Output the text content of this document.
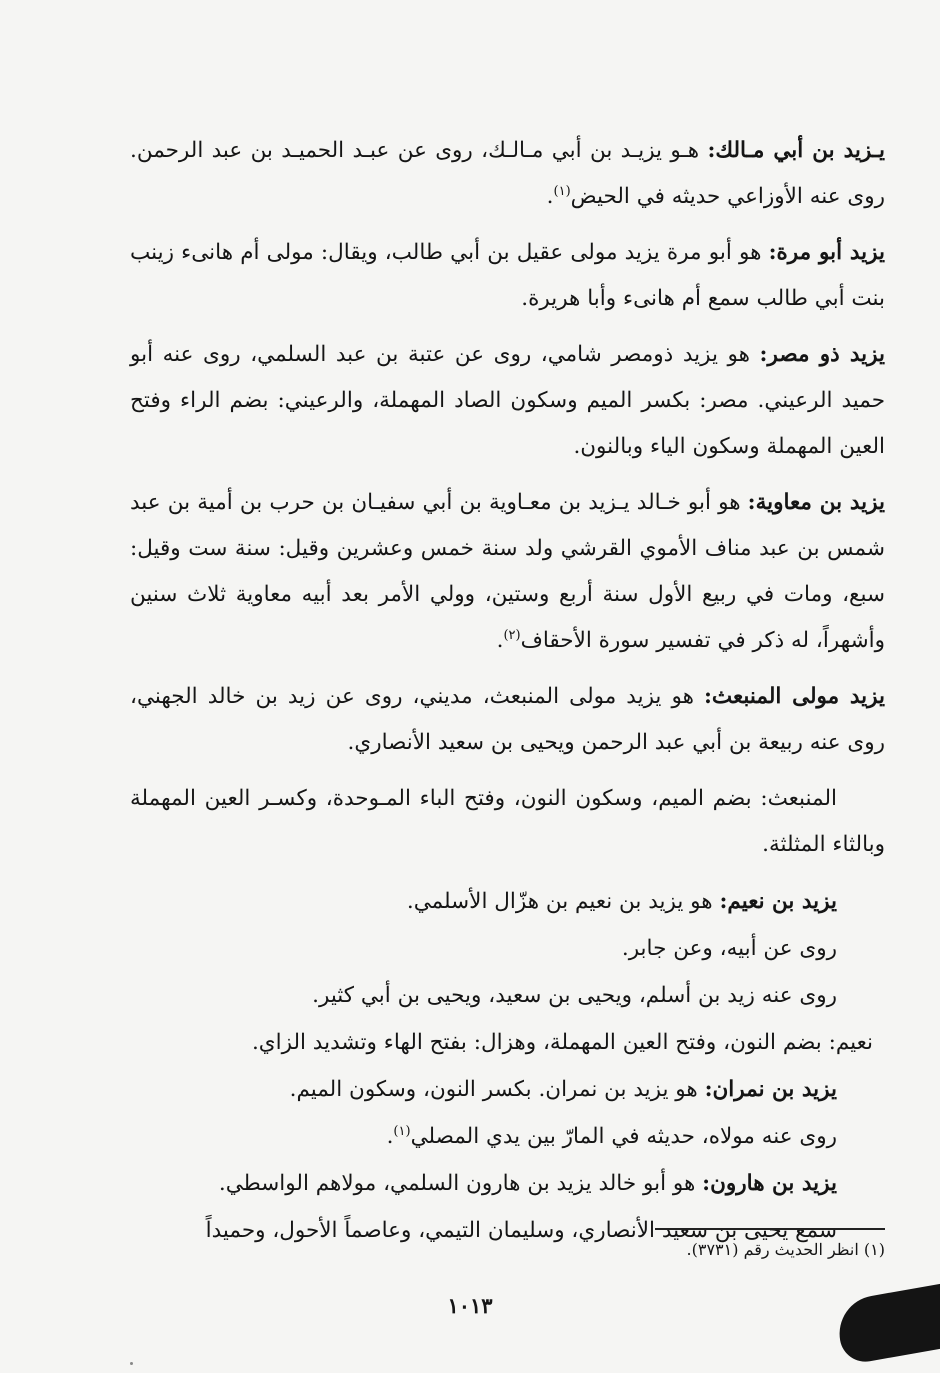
يـزيد بن أبي مـالك: هـو يزيـد بن أبي مـالـك، روى عن عبـد الحميـد بن عبد الرحمن. روى عنه الأوزاعي حديثه في الحيض$^{(١)}$.

يزيد أبو مرة: هو أبو مرة يزيد مولى عقيل بن أبي طالب، ويقال: مولى أم هانىء زينب بنت أبي طالب سمع أم هانىء وأبا هريرة.

يزيد ذو مصر: هو يزيد ذومصر شامي، روى عن عتبة بن عبد السلمي، روى عنه أبو حميد الرعيني. مصر: بكسر الميم وسكون الصاد المهملة، والرعيني: بضم الراء وفتح العين المهملة وسكون الياء وبالنون.

يزيد بن معاوية: هو أبو خـالد يـزيد بن معـاوية بن أبي سفيـان بن حرب بن أمية بن عبد شمس بن عبد مناف الأموي القرشي ولد سنة خمس وعشرين وقيل: سنة ست وقيل: سبع، ومات في ربيع الأول سنة أربع وستين، وولي الأمر بعد أبيه معاوية ثلاث سنين وأشهراً، له ذكر في تفسير سورة الأحقاف$^{(٢)}$.

يزيد مولى المنبعث: هو يزيد مولى المنبعث، مديني، روى عن زيد بن خالد الجهني، روى عنه ربيعة بن أبي عبد الرحمن ويحيى بن سعيد الأنصاري.

المنبعث: بضم الميم، وسكون النون، وفتح الباء المـوحدة، وكسـر العين المهملة وبالثاء المثلثة.

يزيد بن نعيم: هو يزيد بن نعيم بن هزّال الأسلمي.

روى عن أبيه، وعن جابر.

روى عنه زيد بن أسلم، ويحيى بن سعيد، ويحيى بن أبي كثير.

نعيم: بضم النون، وفتح العين المهملة، وهزال: بفتح الهاء وتشديد الزاي.

يزيد بن نمران: هو يزيد بن نمران. بكسر النون، وسكون الميم.

روى عنه مولاه، حديثه في المارّ بين يدي المصلي$^{(١)}$.

يزيد بن هارون: هو أبو خالد يزيد بن هارون السلمي، مولاهم الواسطي.

سمع يحيى بن سعيد الأنصاري، وسليمان التيمي، وعاصماً الأحول، وحميداً

(١) انظر الحديث رقم (٣٧٣١).
١٠١٣
